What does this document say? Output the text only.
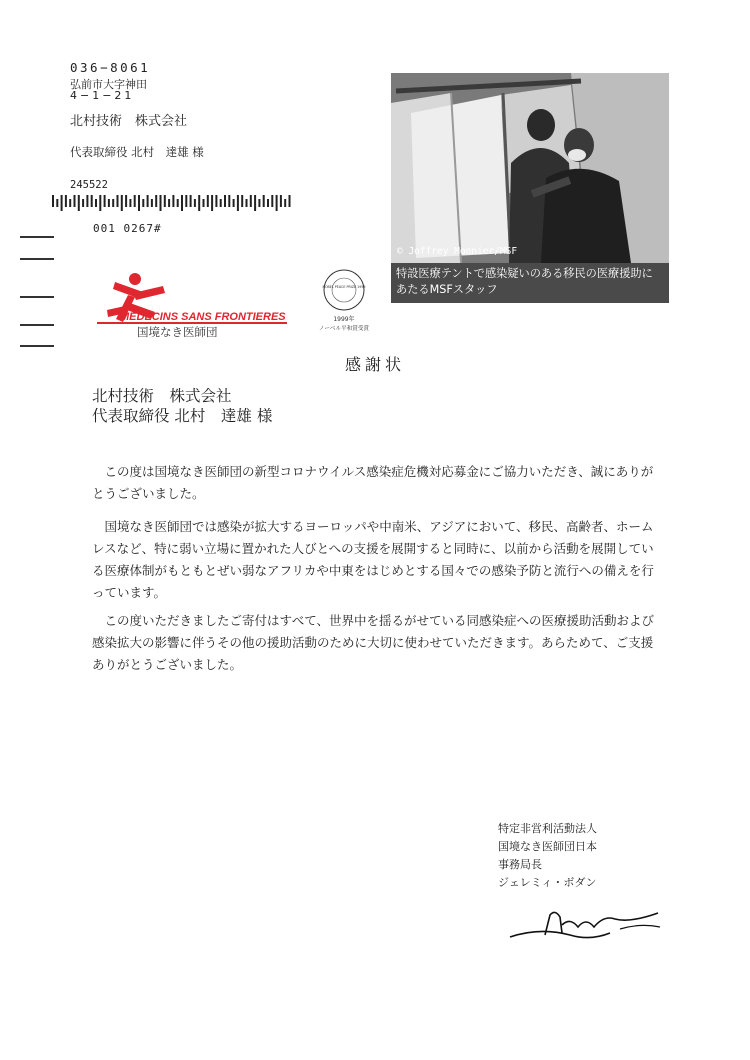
036−8061
弘前市大字神田
4−1−21
北村技術　株式会社
代表取締役 北村　達雄 様
245522
001 0267#
MEDECINS SANS FRONTIERES
国境なき医師団
NOBEL PEACE PRIZE 1999
1999年
ノーベル平和賞受賞
© Joffrey Monnier/MSF
特設医療テントで感染疑いのある移民の医療援助に
あたるMSFスタッフ
感謝状
北村技術　株式会社
代表取締役 北村　達雄 様
　この度は国境なき医師団の新型コロナウイルス感染症危機対応募金にご協力いただき、誠にありがとうございました。
　国境なき医師団では感染が拡大するヨーロッパや中南米、アジアにおいて、移民、高齢者、ホームレスなど、特に弱い立場に置かれた人びとへの支援を展開すると同時に、以前から活動を展開している医療体制がもともとぜい弱なアフリカや中東をはじめとする国々での感染予防と流行への備えを行っています。
　この度いただきましたご寄付はすべて、世界中を揺るがせている同感染症への医療援助活動および感染拡大の影響に伴うその他の援助活動のために大切に使わせていただきます。あらためて、ご支援ありがとうございました。
特定非営利活動法人
国境なき医師団日本
事務局長
ジェレミィ・ボダン
